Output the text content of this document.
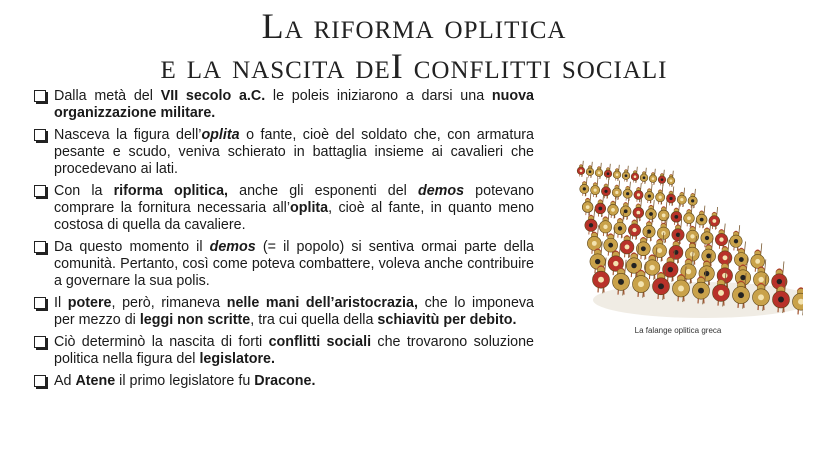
La riforma oplitica
e la nascita deI conflitti sociali
Dalla metà del VII secolo a.C. le poleis iniziarono a darsi una nuova organizzazione militare.
Nasceva la figura dell’oplita o fante, cioè del soldato che, con armatura pesante e scudo, veniva schierato in battaglia insieme ai cavalieri che procedevano ai lati.
Con la riforma oplitica, anche gli esponenti del demos potevano comprare la fornitura necessaria all’oplita, cioè al fante, in quanto meno costosa di quella da cavaliere.
Da questo momento il demos (= il popolo) si sentiva ormai parte della comunità. Pertanto, così come poteva combattere, voleva anche contribuire a governare la sua polis.
Il potere, però, rimaneva nelle mani dell’aristocrazia, che lo imponeva per mezzo di leggi non scritte, tra cui quella della schiavitù per debito.
Ciò determinò la nascita di forti conflitti sociali che trovarono soluzione politica nella figura del legislatore.
Ad Atene il primo legislatore fu Dracone.
La falange oplitica greca
